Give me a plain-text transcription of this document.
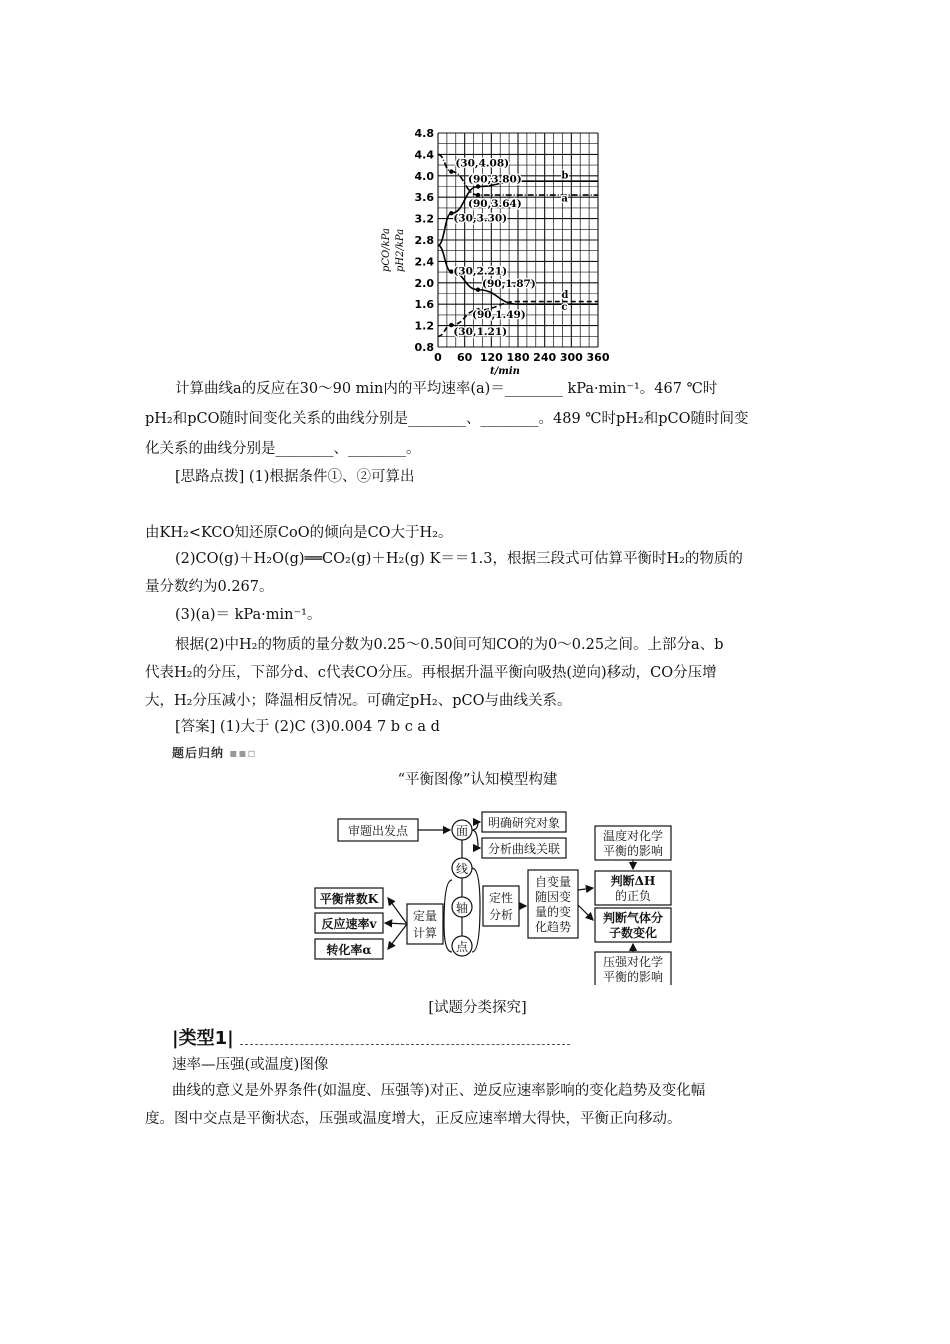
0.8
1.2
1.6
2.0
2.4
2.8
3.2
3.6
4.0
4.4
4.8
0 60 120 180 240 300 360
(30,4.08)
(90,3.80)
(90,3.64)
(30,3.30)
(30,2.21)
(90,1.87)
(90,1.49)
(30,1.21)
b
a
d
c
pCO/kPa pH2/kPa
t/min
计算曲线a的反应在30～90 min内的平均速率(a)＝________ kPa·min⁻¹。467 ℃时
pH₂和pCO随时间变化关系的曲线分别是________、________。489 ℃时pH₂和pCO随时间变
化关系的曲线分别是________、________。
[思路点拨] (1)根据条件①、②可算出
由KH₂<KCO知还原CoO的倾向是CO大于H₂。
(2)CO(g)＋H₂O(g)══CO₂(g)＋H₂(g) K＝＝1.3，根据三段式可估算平衡时H₂的物质的
量分数约为0.267。
(3)(a)＝ kPa·min⁻¹。
根据(2)中H₂的物质的量分数为0.25～0.50间可知CO的为0～0.25之间。上部分a、b
代表H₂的分压，下部分d、c代表CO分压。再根据升温平衡向吸热(逆向)移动，CO分压增
大，H₂分压减小；降温相反情况。可确定pH₂、pCO与曲线关系。
[答案] (1)大于 (2)C (3)0.004 7 b c a d
题后归纳 ▪▪▫
“平衡图像”认知模型构建
审题出发点	面
线
轴
点
明确研究对象
分析曲线关联
平衡常数K
反应速率v
转化率α
定量
计算
定性
分析
自变量
随因变
量的变
化趋势
温度对化学
平衡的影响
判断ΔH
的正负
判断气体分
子数变化
压强对化学
平衡的影响
[试题分类探究]
|类型1|
速率—压强(或温度)图像
曲线的意义是外界条件(如温度、压强等)对正、逆反应速率影响的变化趋势及变化幅
度。图中交点是平衡状态，压强或温度增大，正反应速率增大得快，平衡正向移动。
